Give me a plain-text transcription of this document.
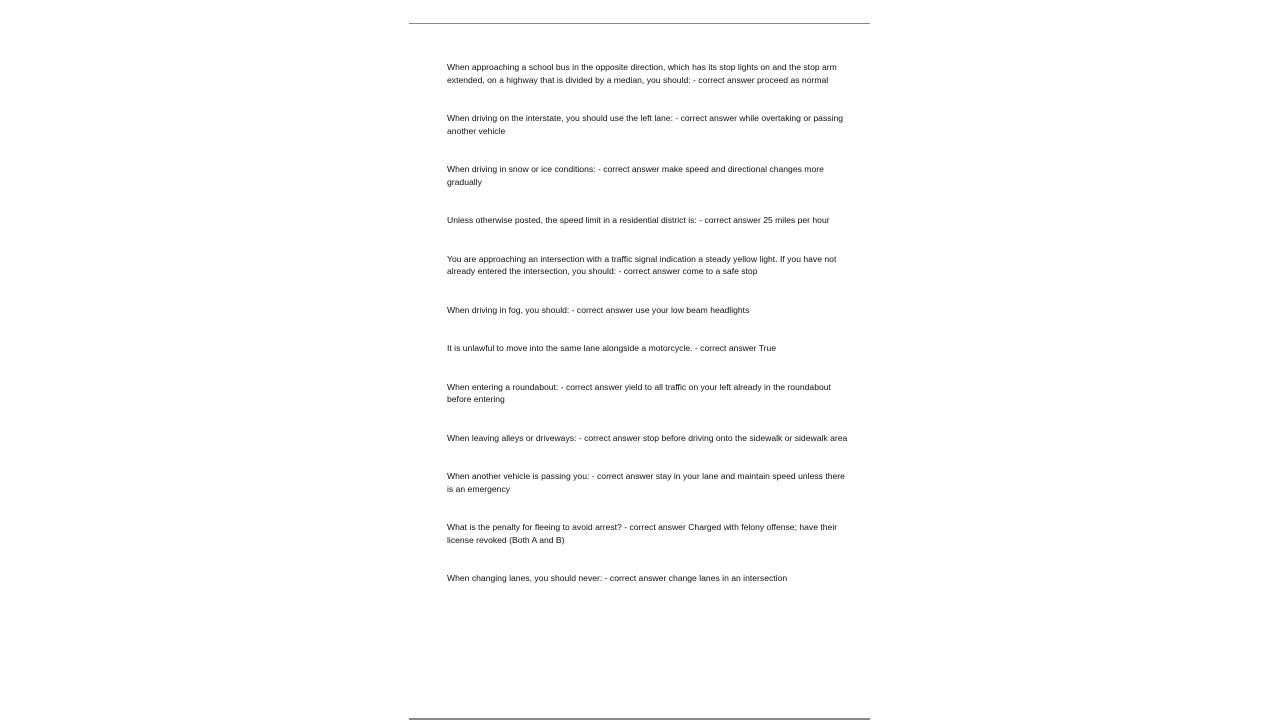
When approaching a school bus in the opposite direction, which has its stop lights on and the stop arm extended, on a highway that is divided by a median, you should: - correct answer proceed as normal
When driving on the interstate, you should use the left lane: - correct answer while overtaking or passing another vehicle
When driving in snow or ice conditions: - correct answer make speed and directional changes more gradually
Unless otherwise posted, the speed limit in a residential district is: - correct answer 25 miles per hour
You are approaching an intersection with a traffic signal indication a steady yellow light. If you have not already entered the intersection, you should: - correct answer come to a safe stop
When driving in fog, you should: - correct answer use your low beam headlights
It is unlawful to move into the same lane alongside a motorcycle. - correct answer True
When entering a roundabout: - correct answer yield to all traffic on your left already in the roundabout before entering
When leaving alleys or driveways: - correct answer stop before driving onto the sidewalk or sidewalk area
When another vehicle is passing you: - correct answer stay in your lane and maintain speed unless there is an emergency
What is the penalty for fleeing to avoid arrest? - correct answer Charged with felony offense; have their license revoked (Both A and B)
When changing lanes, you should never: - correct answer change lanes in an intersection
